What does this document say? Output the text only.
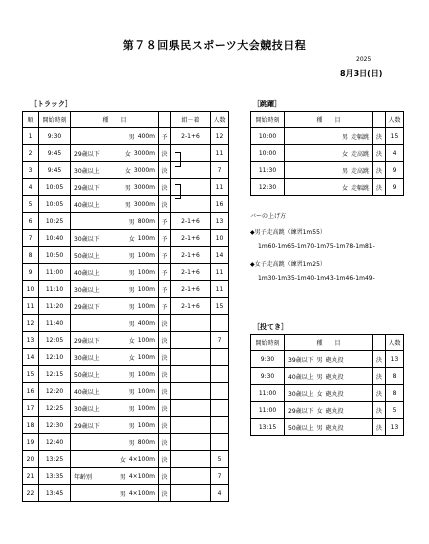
第７８回県民スポーツ大会競技日程
2025
8月3日(日)
［トラック］
順	開始時刻	種　　目		組－着	人数
1	9:30	男 400m	予	2-1+6	12
2	9:45	29歳以下 女 3000m	決		11
3	9:45	30歳以上 女 3000m	決		7
4	10:05	29歳以下 男 3000m	決		11
5	10:05	40歳以上 男 3000m	決		16
6	10:25	男 800m	予	2-1+6	13
7	10:40	30歳以下 女 100m	予	2-1+6	10
8	10:50	50歳以上 男 100m	予	2-1+6	14
9	11:00	40歳以上 男 100m	予	2-1+6	11
10	11:10	30歳以上 男 100m	予	2-1+6	11
11	11:20	29歳以下 男 100m	予	2-1+6	15
12	11:40	男 400m	決		
13	12:05	29歳以下 女 100m	決		7
14	12:10	30歳以上 女 100m	決		
15	12:15	50歳以上 男 100m	決		
16	12:20	40歳以上 男 100m	決		
17	12:25	30歳以上 男 100m	決		
18	12:30	29歳以下 男 100m	決		
19	12:40	男 800m	決		
20	13:25	女 4×100m	決		5
21	13:35	年齢別 男 4×100m	決		7
22	13:45	男 4×100m	決		4
［跳躍］
開始時刻	種　　目		人数
10:00	男 走幅跳	決	15
10:00	女 走高跳	決	4
11:30	男 走高跳	決	9
12:30	女 走幅跳	決	9
バーの上げ方
◆男子走高跳（練習1m55）
1m60-1m65-1m70-1m75-1m78-1m81-
◆女子走高跳（練習1m25）
1m30-1m35-1m40-1m43-1m46-1m49-
［投てき］
開始時刻	種　　目		人数
9:30	39歳以下 男 砲丸投	決	13
9:30	40歳以上 男 砲丸投	決	8
11:00	30歳以上 女 砲丸投	決	8
11:00	29歳以下 女 砲丸投	決	5
13:15	50歳以上 男 砲丸投	決	13
